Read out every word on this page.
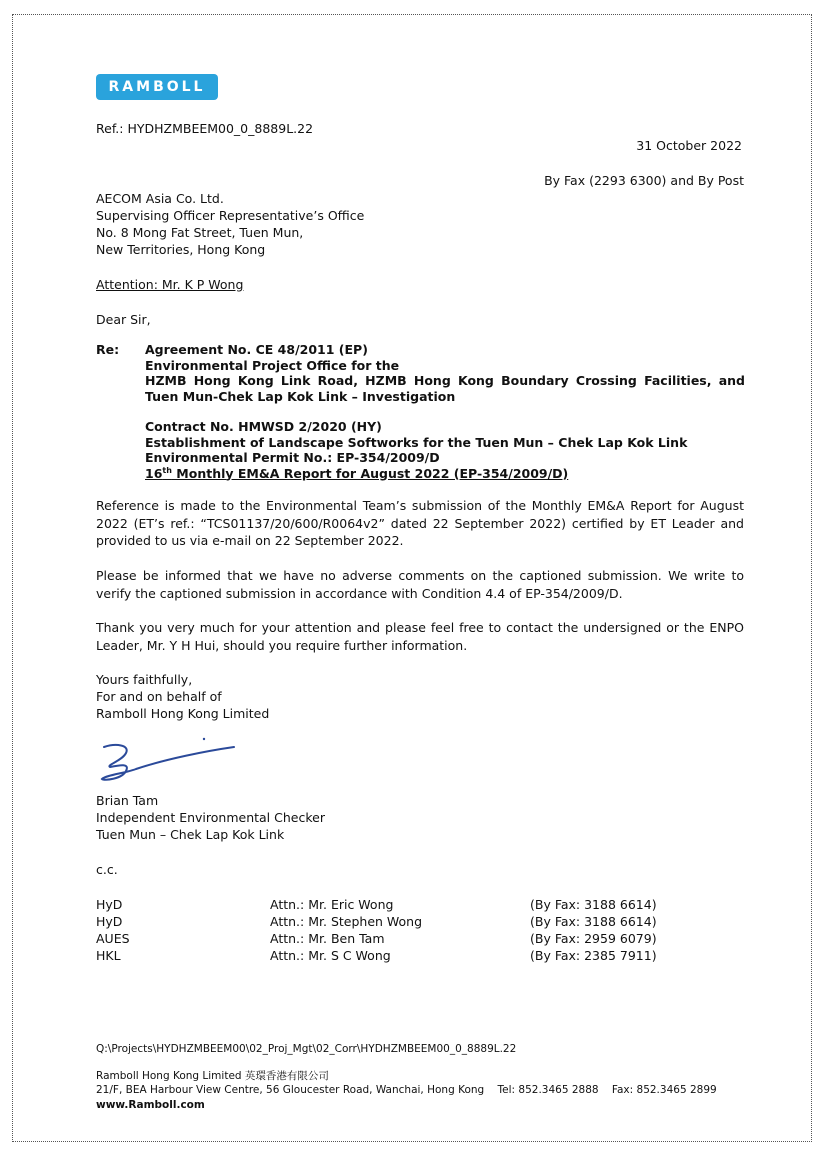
RAMBOLL
Ref.: HYDHZMBEEM00_0_8889L.22
31 October 2022
By Fax (2293 6300) and By Post
AECOM Asia Co. Ltd.
Supervising Officer Representative’s Office
No. 8 Mong Fat Street, Tuen Mun,
New Territories, Hong Kong
Attention: Mr. K P Wong
Dear Sir,
Re: Agreement No. CE 48/2011 (EP)
Environmental Project Office for the
HZMB Hong Kong Link Road, HZMB Hong Kong Boundary Crossing Facilities, and Tuen Mun-Chek Lap Kok Link – Investigation
Contract No. HMWSD 2/2020 (HY)
Establishment of Landscape Softworks for the Tuen Mun – Chek Lap Kok Link
Environmental Permit No.: EP-354/2009/D
16th Monthly EM&A Report for August 2022 (EP-354/2009/D)
Reference is made to the Environmental Team’s submission of the Monthly EM&A Report for August 2022 (ET’s ref.: “TCS01137/20/600/R0064v2” dated 22 September 2022) certified by ET Leader and provided to us via e-mail on 22 September 2022.
Please be informed that we have no adverse comments on the captioned submission. We write to verify the captioned submission in accordance with Condition 4.4 of EP-354/2009/D.
Thank you very much for your attention and please feel free to contact the undersigned or the ENPO Leader, Mr. Y H Hui, should you require further information.
Yours faithfully,
For and on behalf of
Ramboll Hong Kong Limited
Brian Tam
Independent Environmental Checker
Tuen Mun – Chek Lap Kok Link
c.c.
HyD	Attn.: Mr. Eric Wong	(By Fax: 3188 6614)
HyD	Attn.: Mr. Stephen Wong	(By Fax: 3188 6614)
AUES	Attn.: Mr. Ben Tam	(By Fax: 2959 6079)
HKL	Attn.: Mr. S C Wong	(By Fax: 2385 7911)
Q:\Projects\HYDHZMBEEM00\02_Proj_Mgt\02_Corr\HYDHZMBEEM00_0_8889L.22
Ramboll Hong Kong Limited 英環香港有限公司
21/F, BEA Harbour View Centre, 56 Gloucester Road, Wanchai, Hong Kong Tel: 852.3465 2888 Fax: 852.3465 2899
www.Ramboll.com
